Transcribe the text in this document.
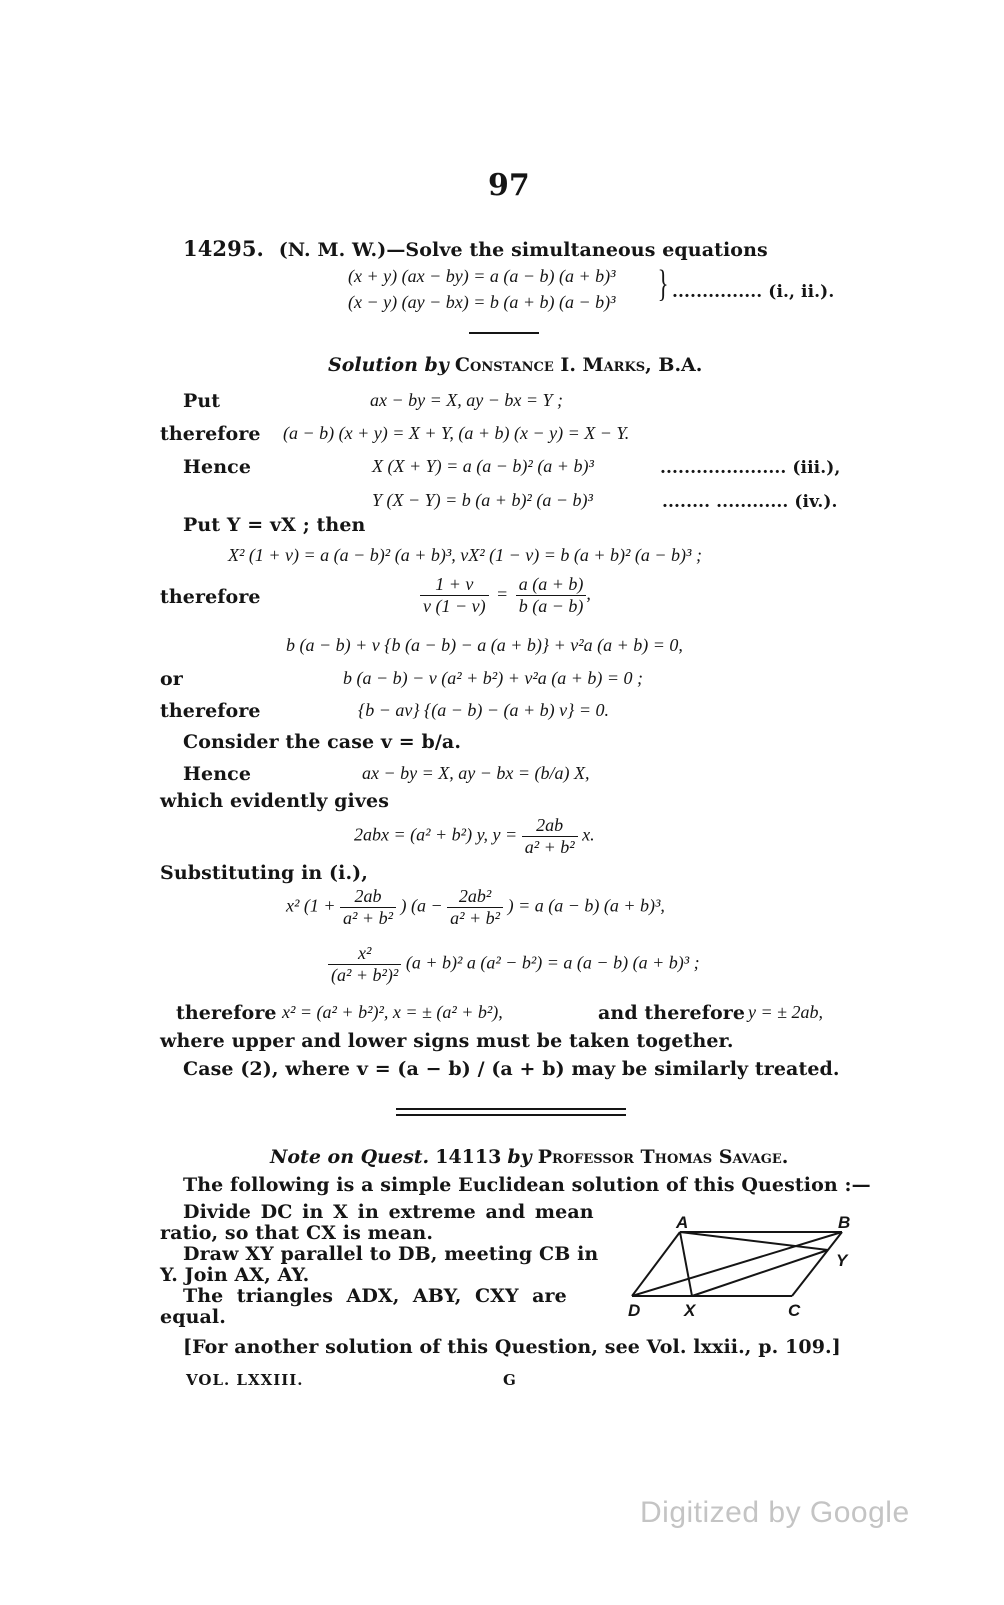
97
14295. (N. M. W.)—Solve the simultaneous equations
(x + y) (ax − by) = a (a − b) (a + b)³
(x − y) (ay − bx) = b (a + b) (a − b)³ } ............... (i., ii.).
Solution by Constance I. Marks, B.A.
Put	ax − by = X, ay − bx = Y ;
therefore (a − b) (x + y) = X + Y, (a + b) (x − y) = X − Y.
Hence	X (X + Y) = a (a − b)² (a + b)³	..................... (iii.),
Y (X − Y) = b (a + b)² (a − b)³	........ ............ (iv.).
Put Y = vX ; then
X² (1 + v) = a (a − b)² (a + b)³, vX² (1 − v) = b (a + b)² (a − b)³ ;
therefore	$\frac{1 + v}{v (1 - v)} = \frac{a (a + b)}{b (a - b)}$ ,
b (a − b) + v {b (a − b) − a (a + b)} + v²a (a + b) = 0,
or	b (a − b) − v (a² + b²) + v²a (a + b) = 0 ;
therefore	{b − av} {(a − b) − (a + b) v} = 0.
Consider the case v = b/a.
Hence	ax − by = X, ay − bx = (b/a) X,
which evidently gives
2abx = (a² + b²) y, $y = \frac{2ab}{\text{a² + b²}} x$.
Substituting in (i.),
x² ($1 + \frac{2ab}{\text{a² + b²}}$ ) ($a - \frac{\text{2ab²}}{\text{a² + b²}}$ ) = a (a − b) (a + b)³,
$\frac{\text{x²}}{\text{(a² + b²)²}} (a + b)^2$ a (a² − b²) = a (a − b) (a + b)³ ;
therefore x² = (a² + b²)², x = ± (a² + b²),	and therefore y = ± 2ab,
where upper and lower signs must be taken together.
Case (2), where v = (a − b) / (a + b) may be similarly treated.
Note on Quest. 14113 by Professor Thomas Savage.
The following is a simple Euclidean solution of this Question :—
Divide DC in X in extreme and mean
ratio, so that CX is mean.
Draw XY parallel to DB, meeting CB in
Y. Join AX, AY.
The  triangles  ADX,  ABY,  CXY  are
equal.
A	B
Y
D	X	C
[For another solution of this Question, see Vol. lxxii., p. 109.]
VOL. LXXIII.	G
Digitized by Google
